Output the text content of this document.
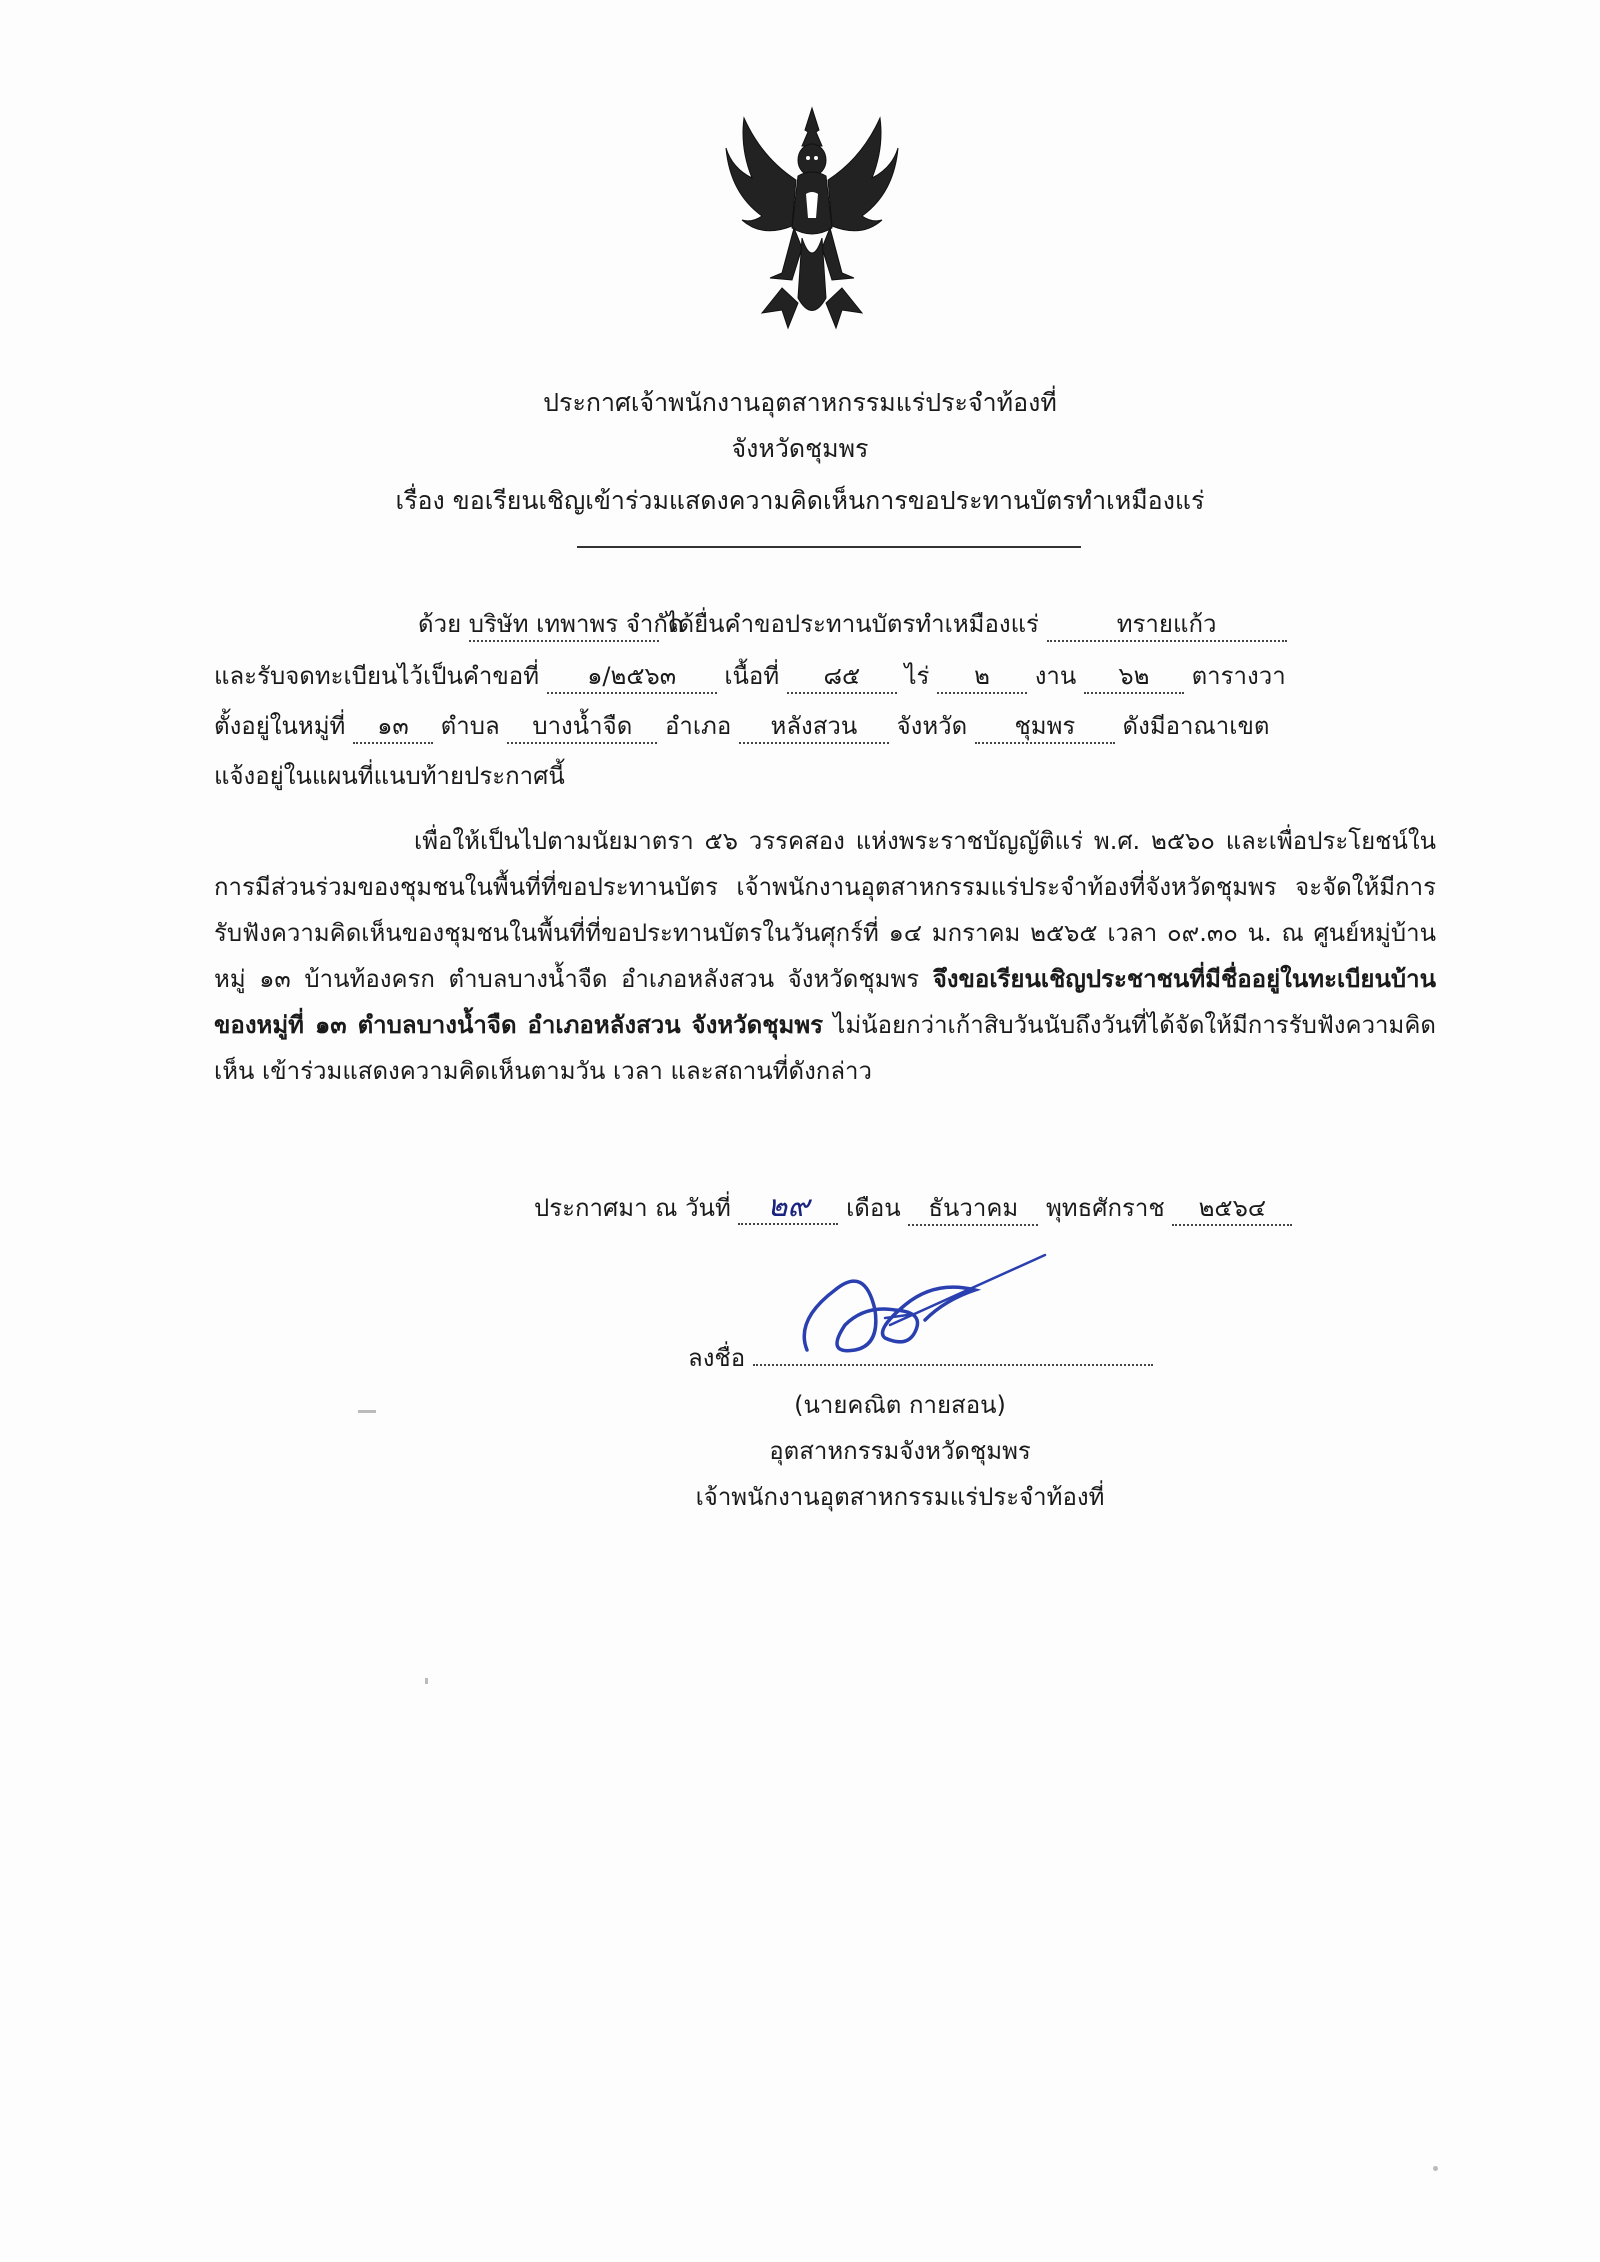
ประกาศเจ้าพนักงานอุตสาหกรรมแร่ประจำท้องที่
จังหวัดชุมพร
เรื่อง ขอเรียนเชิญเข้าร่วมแสดงความคิดเห็นการขอประทานบัตรทำเหมืองแร่
ด้วย บริษัท เทพาพร จำกัด ได้ยื่นคำขอประทานบัตรทำเหมืองแร่	ทรายแก้ว
และรับจดทะเบียนไว้เป็นคำขอที่ ๑/๒๕๖๓ เนื้อที่ ๘๕ ไร่ ๒ งาน ๖๒ ตารางวา
ตั้งอยู่ในหมู่ที่ ๑๓ ตำบล บางน้ำจืด อำเภอ หลังสวน จังหวัด ชุมพร ดังมีอาณาเขต
แจ้งอยู่ในแผนที่แนบท้ายประกาศนี้

เพื่อให้เป็นไปตามนัยมาตรา ๕๖ วรรคสอง แห่งพระราชบัญญัติแร่ พ.ศ. ๒๕๖๐ และเพื่อประโยชน์ในการมีส่วนร่วมของชุมชนในพื้นที่ที่ขอประทานบัตร เจ้าพนักงานอุตสาหกรรมแร่ประจำท้องที่จังหวัดชุมพร จะจัดให้มีการรับฟังความคิดเห็นของชุมชนในพื้นที่ที่ขอประทานบัตรในวันศุกร์ที่ ๑๔ มกราคม ๒๕๖๕ เวลา ๐๙.๓๐ น. ณ ศูนย์หมู่บ้าน หมู่ ๑๓ บ้านท้องครก ตำบลบางน้ำจืด อำเภอหลังสวน จังหวัดชุมพร จึงขอเรียนเชิญประชาชนที่มีชื่ออยู่ในทะเบียนบ้าน ของหมู่ที่ ๑๓ ตำบลบางน้ำจืด อำเภอหลังสวน จังหวัดชุมพร ไม่น้อยกว่าเก้าสิบวันนับถึงวันที่ได้จัดให้มีการรับฟังความคิดเห็น เข้าร่วมแสดงความคิดเห็นตามวัน เวลา และสถานที่ดังกล่าว

ประกาศมา ณ วันที่ ๒๙ เดือน ธันวาคม พุทธศักราช ๒๕๖๔
ลงชื่อ
(นายคณิต กายสอน)
อุตสาหกรรมจังหวัดชุมพร
เจ้าพนักงานอุตสาหกรรมแร่ประจำท้องที่
